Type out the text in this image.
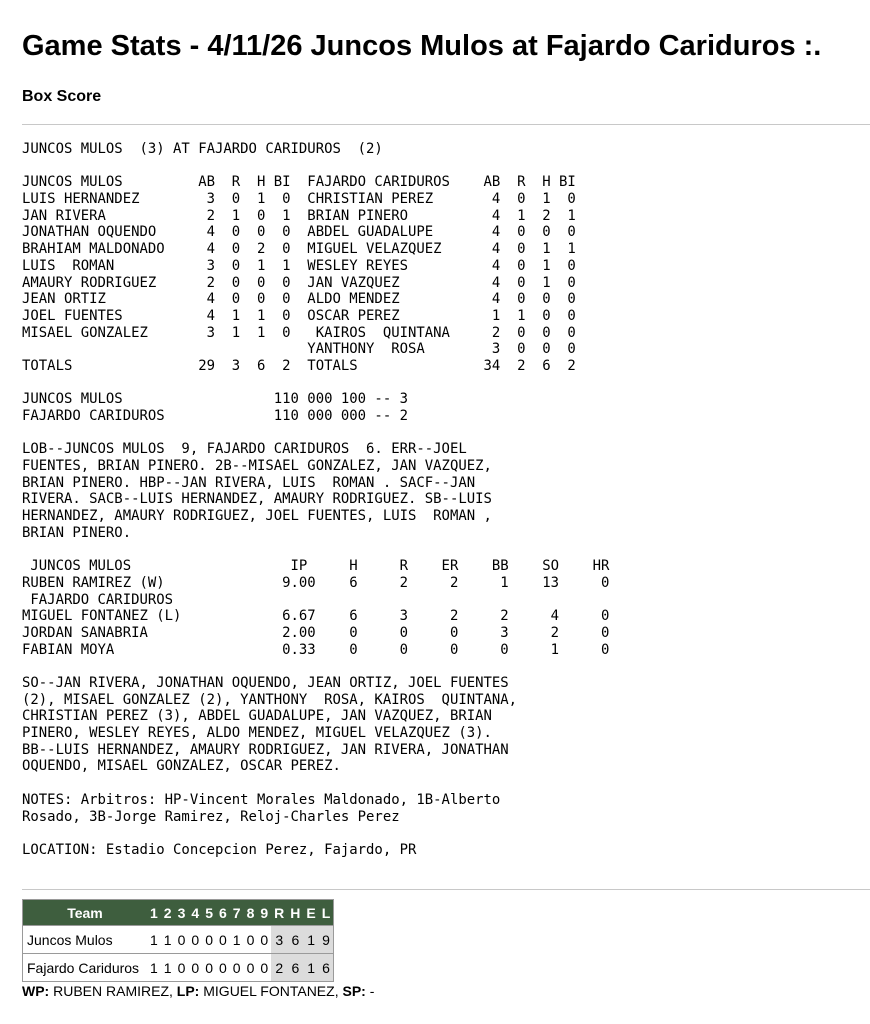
Game Stats - 4/11/26 Juncos Mulos at Fajardo Cariduros :.
Box Score
JUNCOS MULOS  (3) AT FAJARDO CARIDUROS  (2)
JUNCOS MULOS         AB  R  H BI  FAJARDO CARIDUROS    AB  R  H BI
LUIS HERNANDEZ        3  0  1  0  CHRISTIAN PEREZ       4  0  1  0
JAN RIVERA            2  1  0  1  BRIAN PINERO          4  1  2  1
JONATHAN OQUENDO      4  0  0  0  ABDEL GUADALUPE       4  0  0  0
BRAHIAM MALDONADO     4  0  2  0  MIGUEL VELAZQUEZ      4  0  1  1
LUIS  ROMAN           3  0  1  1  WESLEY REYES          4  0  1  0
AMAURY RODRIGUEZ      2  0  0  0  JAN VAZQUEZ           4  0  1  0
JEAN ORTIZ            4  0  0  0  ALDO MENDEZ           4  0  0  0
JOEL FUENTES          4  1  1  0  OSCAR PEREZ           1  1  0  0
MISAEL GONZALEZ       3  1  1  0   KAIROS  QUINTANA     2  0  0  0
YANTHONY  ROSA        3  0  0  0
TOTALS               29  3  6  2  TOTALS               34  2  6  2
JUNCOS MULOS                  110 000 100 -- 3
FAJARDO CARIDUROS             110 000 000 -- 2
LOB--JUNCOS MULOS  9, FAJARDO CARIDUROS  6. ERR--JOEL
FUENTES, BRIAN PINERO. 2B--MISAEL GONZALEZ, JAN VAZQUEZ,
BRIAN PINERO. HBP--JAN RIVERA, LUIS  ROMAN . SACF--JAN
RIVERA. SACB--LUIS HERNANDEZ, AMAURY RODRIGUEZ. SB--LUIS
HERNANDEZ, AMAURY RODRIGUEZ, JOEL FUENTES, LUIS  ROMAN ,
BRIAN PINERO.
JUNCOS MULOS                   IP     H     R    ER    BB    SO    HR
RUBEN RAMIREZ (W)              9.00    6     2     2     1    13     0
FAJARDO CARIDUROS
MIGUEL FONTANEZ (L)            6.67    6     3     2     2     4     0
JORDAN SANABRIA                2.00    0     0     0     3     2     0
FABIAN MOYA                    0.33    0     0     0     0     1     0
SO--JAN RIVERA, JONATHAN OQUENDO, JEAN ORTIZ, JOEL FUENTES
(2), MISAEL GONZALEZ (2), YANTHONY  ROSA, KAIROS  QUINTANA,
CHRISTIAN PEREZ (3), ABDEL GUADALUPE, JAN VAZQUEZ, BRIAN
PINERO, WESLEY REYES, ALDO MENDEZ, MIGUEL VELAZQUEZ (3).
BB--LUIS HERNANDEZ, AMAURY RODRIGUEZ, JAN RIVERA, JONATHAN
OQUENDO, MISAEL GONZALEZ, OSCAR PEREZ.
NOTES: Arbitros: HP-Vincent Morales Maldonado, 1B-Alberto
Rosado, 3B-Jorge Ramirez, Reloj-Charles Perez
LOCATION: Estadio Concepcion Perez, Fajardo, PR
Team	1	2	3	4	5	6	7	8	9	R	H	E	L
Juncos Mulos	1	1	0	0	0	0	1	0	0	3	6	1	9
Fajardo Cariduros	1	1	0	0	0	0	0	0	0	2	6	1	6
WP: RUBEN RAMIREZ, LP: MIGUEL FONTANEZ, SP: -
